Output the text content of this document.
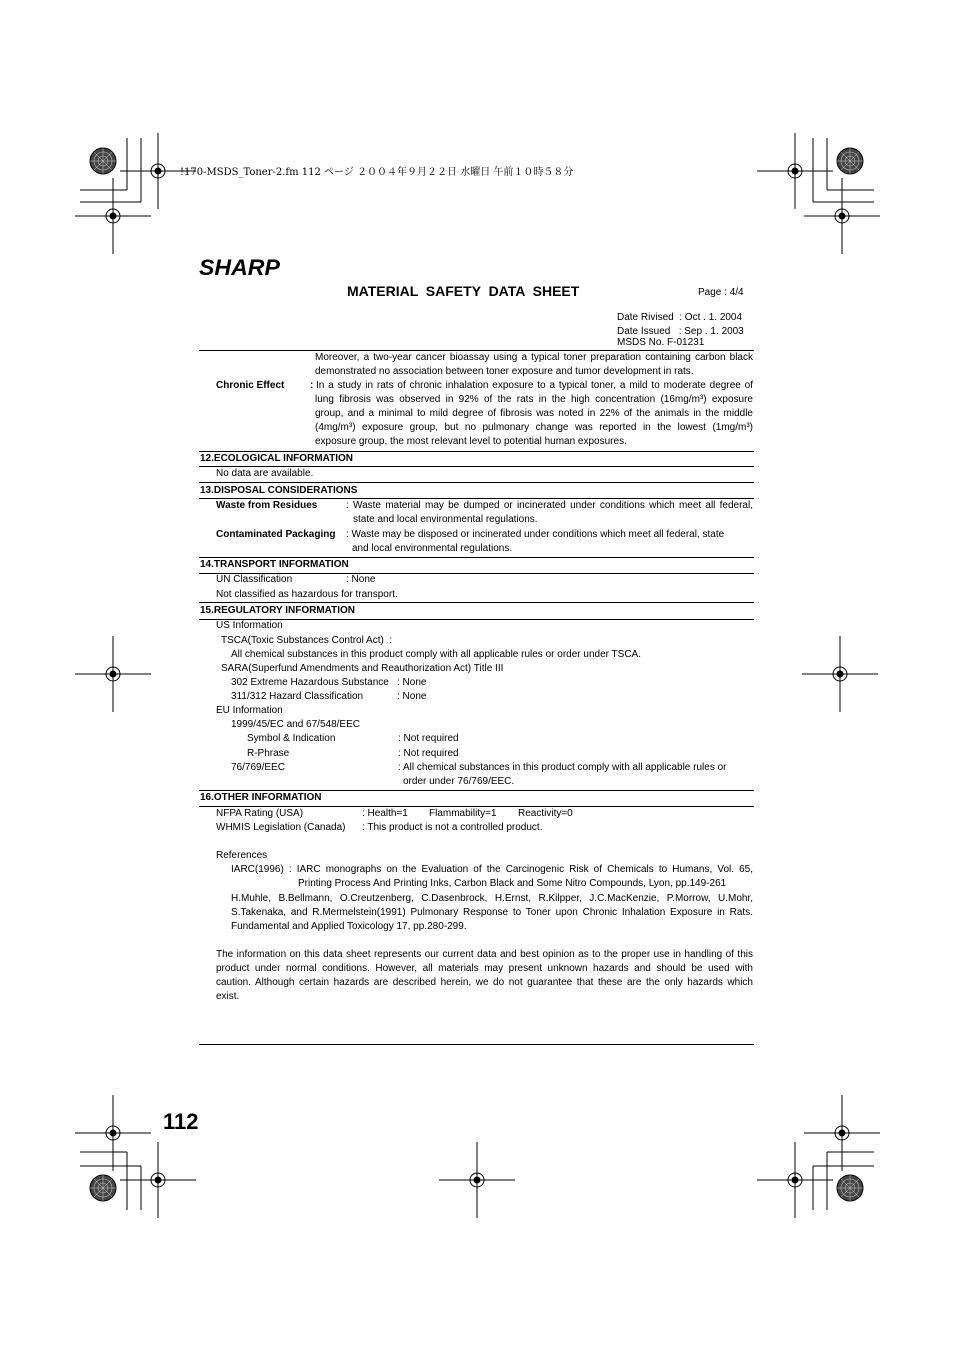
!170-MSDS_Toner-2.fm 112 ページ ２００４年９月２２日 水曜日 午前１０時５８分
SHARP
MATERIAL  SAFETY  DATA  SHEET	Page : 4/4
Date Rivised  : Oct . 1. 2004
Date Issued   : Sep . 1. 2003
MSDS No. F-01231
Chronic Effect	:
Moreover, a two-year cancer bioassay using a typical toner preparation containing carbon black
demonstrated no association between toner exposure and tumor development in rats.
In a study in rats of chronic inhalation exposure to a typical toner, a mild to moderate degree of
lung fibrosis was observed in 92% of the rats in the high concentration (16mg/m³) exposure
group, and a minimal to mild degree of fibrosis was noted in 22% of the animals in the middle
(4mg/m³) exposure group, but no pulmonary change was reported in the lowest (1mg/m³)
exposure group, the most relevant level to potential human exposures.
12.ECOLOGICAL INFORMATION
No data are available.
13.DISPOSAL CONSIDERATIONS
Waste from Residues	: Waste material may be dumped or incinerated under conditions which meet all federal,
state and local environmental regulations.
Contaminated Packaging : Waste may be disposed or incinerated under conditions which meet all federal, state
and local environmental regulations.
14.TRANSPORT INFORMATION
UN Classification	: None
Not classified as hazardous for transport.
15.REGULATORY INFORMATION
US Information
TSCA(Toxic Substances Control Act)  :
All chemical substances in this product comply with all applicable rules or order under TSCA.
SARA(Superfund Amendments and Reauthorization Act) Title III
302 Extreme Hazardous Substance : None
311/312 Hazard Classification	: None
EU Information
1999/45/EC and 67/548/EEC
Symbol & Indication	: Not required
R-Phrase	: Not required
76/769/EEC	: All chemical substances in this product comply with all applicable rules or
order under 76/769/EEC.
16.OTHER INFORMATION
NFPA Rating (USA)	: Health=1 Flammability=1 Reactivity=0
WHMIS Legislation (Canada) : This product is not a controlled product.
References
IARC(1996) : IARC monographs on the Evaluation of the Carcinogenic Risk of Chemicals to Humans, Vol. 65,
Printing Process And Printing Inks, Carbon Black and Some Nitro Compounds, Lyon, pp.149-261
H.Muhle, B.Bellmann, O.Creutzenberg, C.Dasenbrock, H.Ernst, R.Kilpper, J.C.MacKenzie, P.Morrow, U.Mohr,
S.Takenaka, and R.Mermelstein(1991) Pulmonary Response to Toner upon Chronic Inhalation Exposure in Rats.
Fundamental and Applied Toxicology 17, pp.280-299.
The information on this data sheet represents our current data and best opinion as to the proper use in handling of this
product under normal conditions. However, all materials may present unknown hazards and should be used with
caution. Although certain hazards are described herein, we do not guarantee that these are the only hazards which
exist.
112
